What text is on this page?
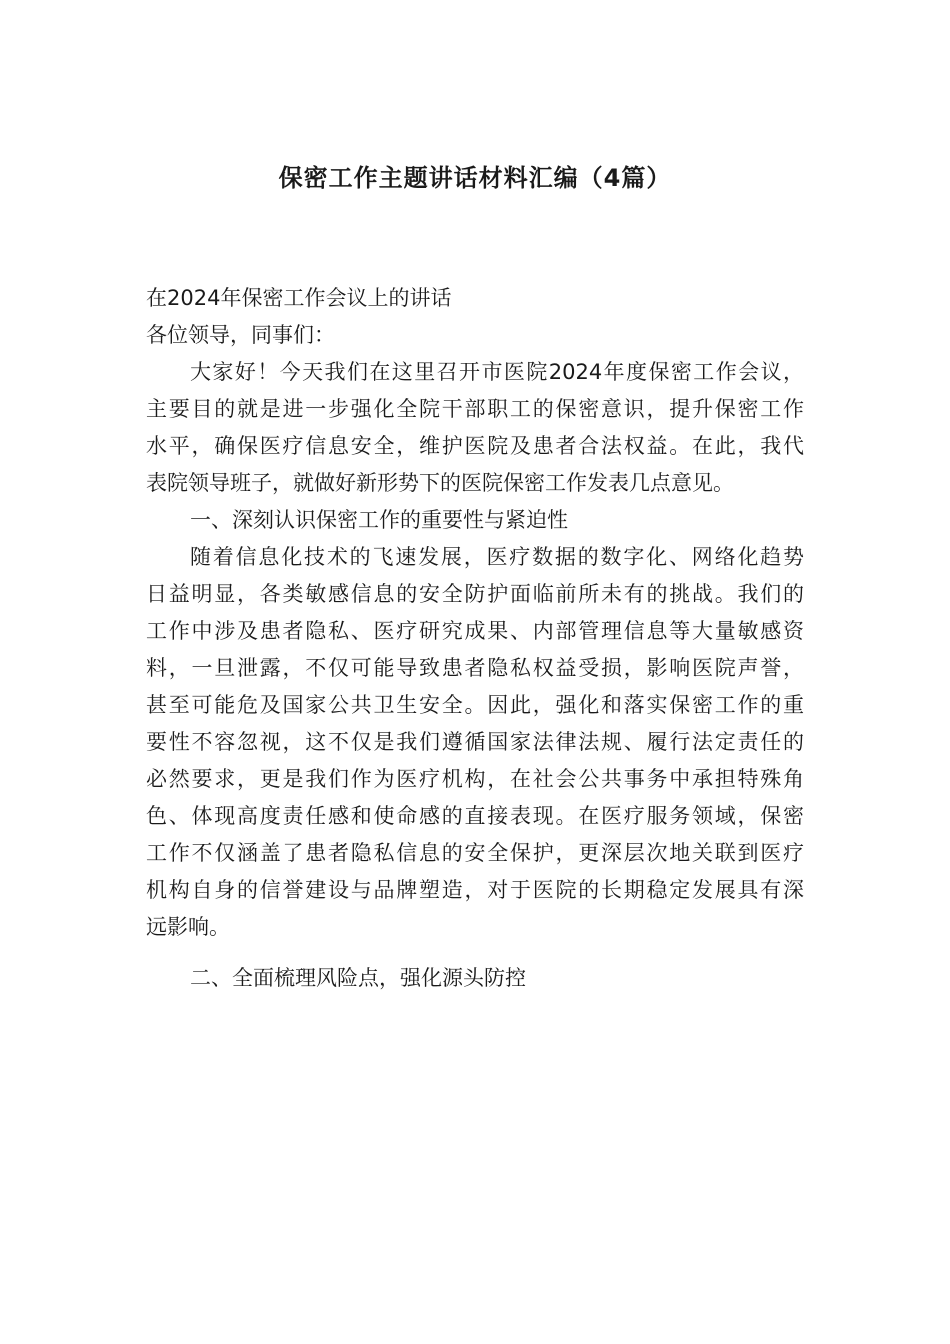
保密工作主题讲话材料汇编（4篇）
在2024年保密工作会议上的讲话
各位领导，同事们：
大家好！今天我们在这里召开市医院2024年度保密工作会议，
主要目的就是进一步强化全院干部职工的保密意识，提升保密工作
水平，确保医疗信息安全，维护医院及患者合法权益。在此，我代
表院领导班子，就做好新形势下的医院保密工作发表几点意见。
一、深刻认识保密工作的重要性与紧迫性
随着信息化技术的飞速发展，医疗数据的数字化、网络化趋势
日益明显，各类敏感信息的安全防护面临前所未有的挑战。我们的
工作中涉及患者隐私、医疗研究成果、内部管理信息等大量敏感资
料，一旦泄露，不仅可能导致患者隐私权益受损，影响医院声誉，
甚至可能危及国家公共卫生安全。因此，强化和落实保密工作的重
要性不容忽视，这不仅是我们遵循国家法律法规、履行法定责任的
必然要求，更是我们作为医疗机构，在社会公共事务中承担特殊角
色、体现高度责任感和使命感的直接表现。在医疗服务领域，保密
工作不仅涵盖了患者隐私信息的安全保护，更深层次地关联到医疗
机构自身的信誉建设与品牌塑造，对于医院的长期稳定发展具有深
远影响。
二、全面梳理风险点，强化源头防控
